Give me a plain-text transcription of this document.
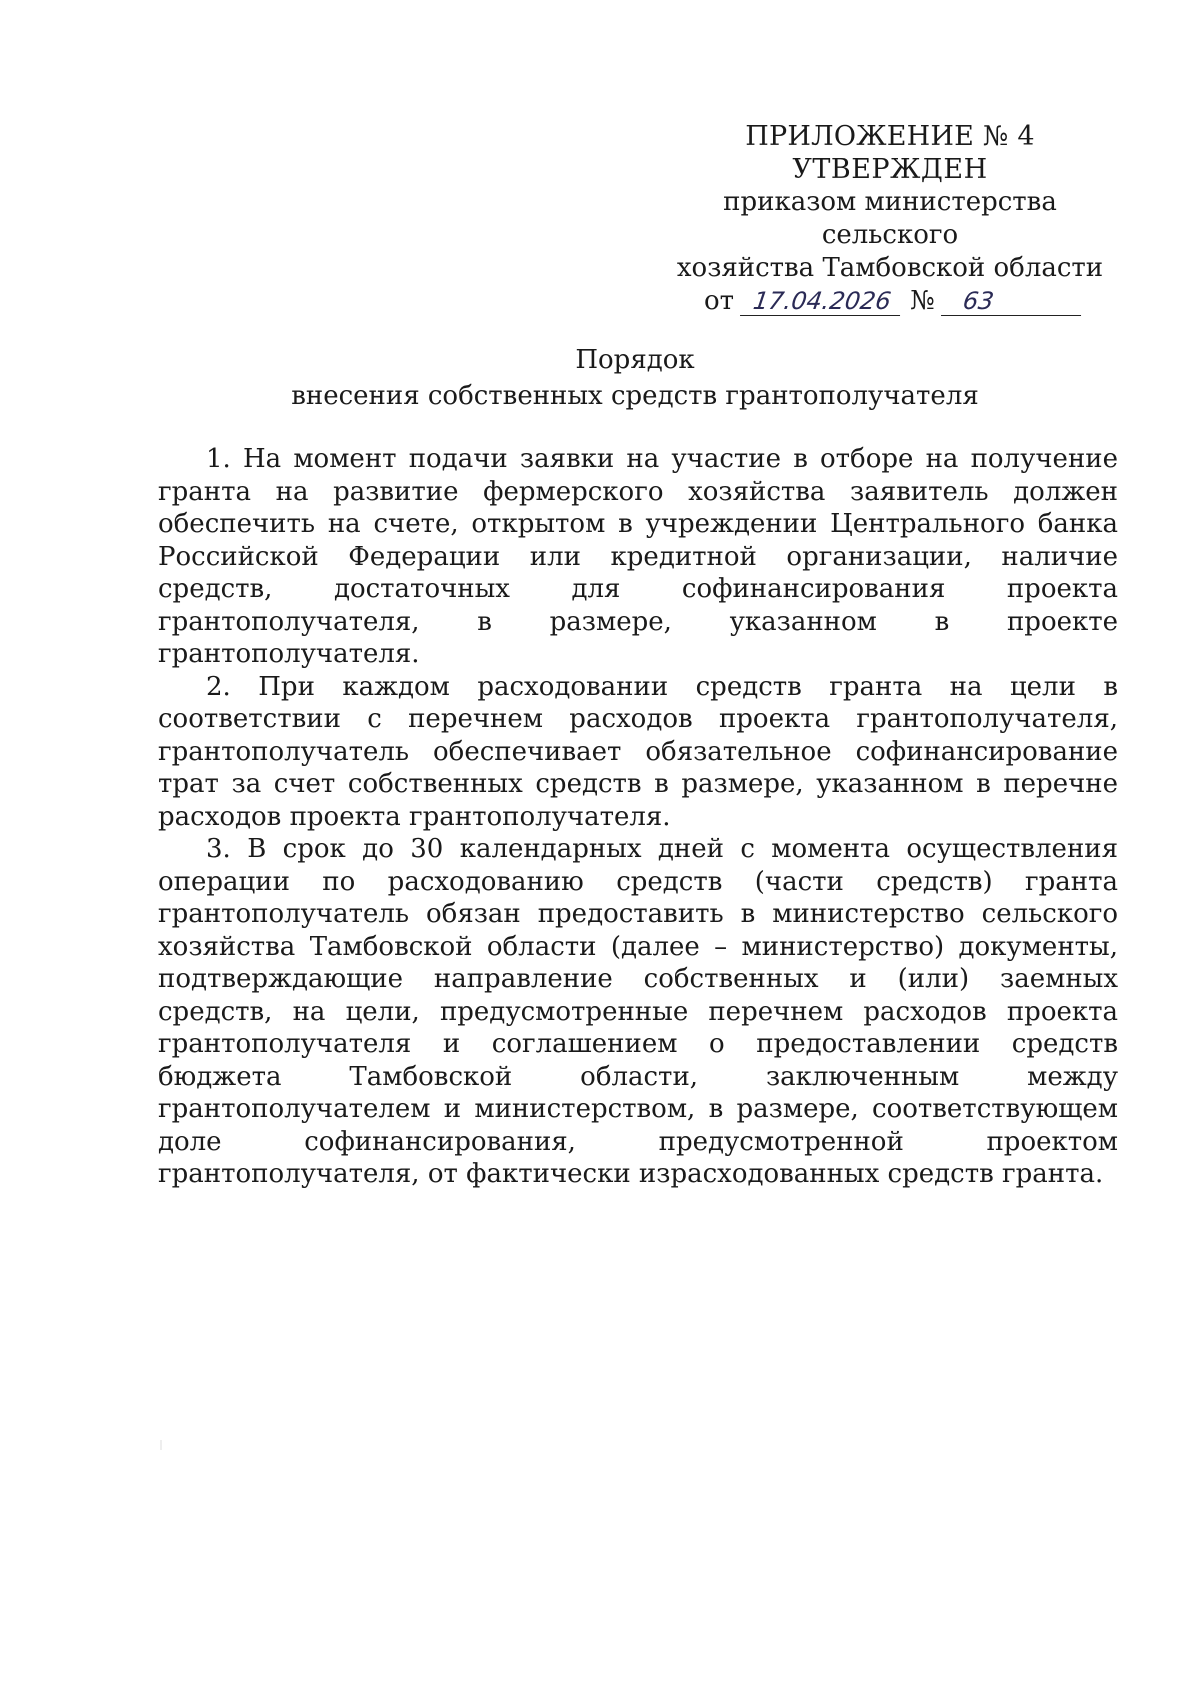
ПРИЛОЖЕНИЕ № 4
УТВЕРЖДЕН
приказом министерства сельского
хозяйства Тамбовской области
от 17.04.2026 № 63
Порядок
внесения собственных средств грантополучателя

1. На момент подачи заявки на участие в отборе на получение гранта на развитие фермерского хозяйства заявитель должен обеспечить на счете, открытом в учреждении Центрального банка Российской Федерации или кредитной организации, наличие средств, достаточных для софинансирования проекта грантополучателя, в размере, указанном в проекте грантополучателя.

2. При каждом расходовании средств гранта на цели в соответствии с перечнем расходов проекта грантополучателя, грантополучатель обеспечивает обязательное софинансирование трат за счет собственных средств в размере, указанном в перечне расходов проекта грантополучателя.

3. В срок до 30 календарных дней с момента осуществления операции по расходованию средств (части средств) гранта грантополучатель обязан предоставить в министерство сельского хозяйства Тамбовской области (далее – министерство) документы, подтверждающие направление собственных и (или) заемных средств, на цели, предусмотренные перечнем расходов проекта грантополучателя и соглашением о предоставлении средств бюджета Тамбовской области, заключенным между грантополучателем и министерством, в размере, соответствующем доле софинансирования, предусмотренной проектом грантополучателя, от фактически израсходованных средств гранта.
